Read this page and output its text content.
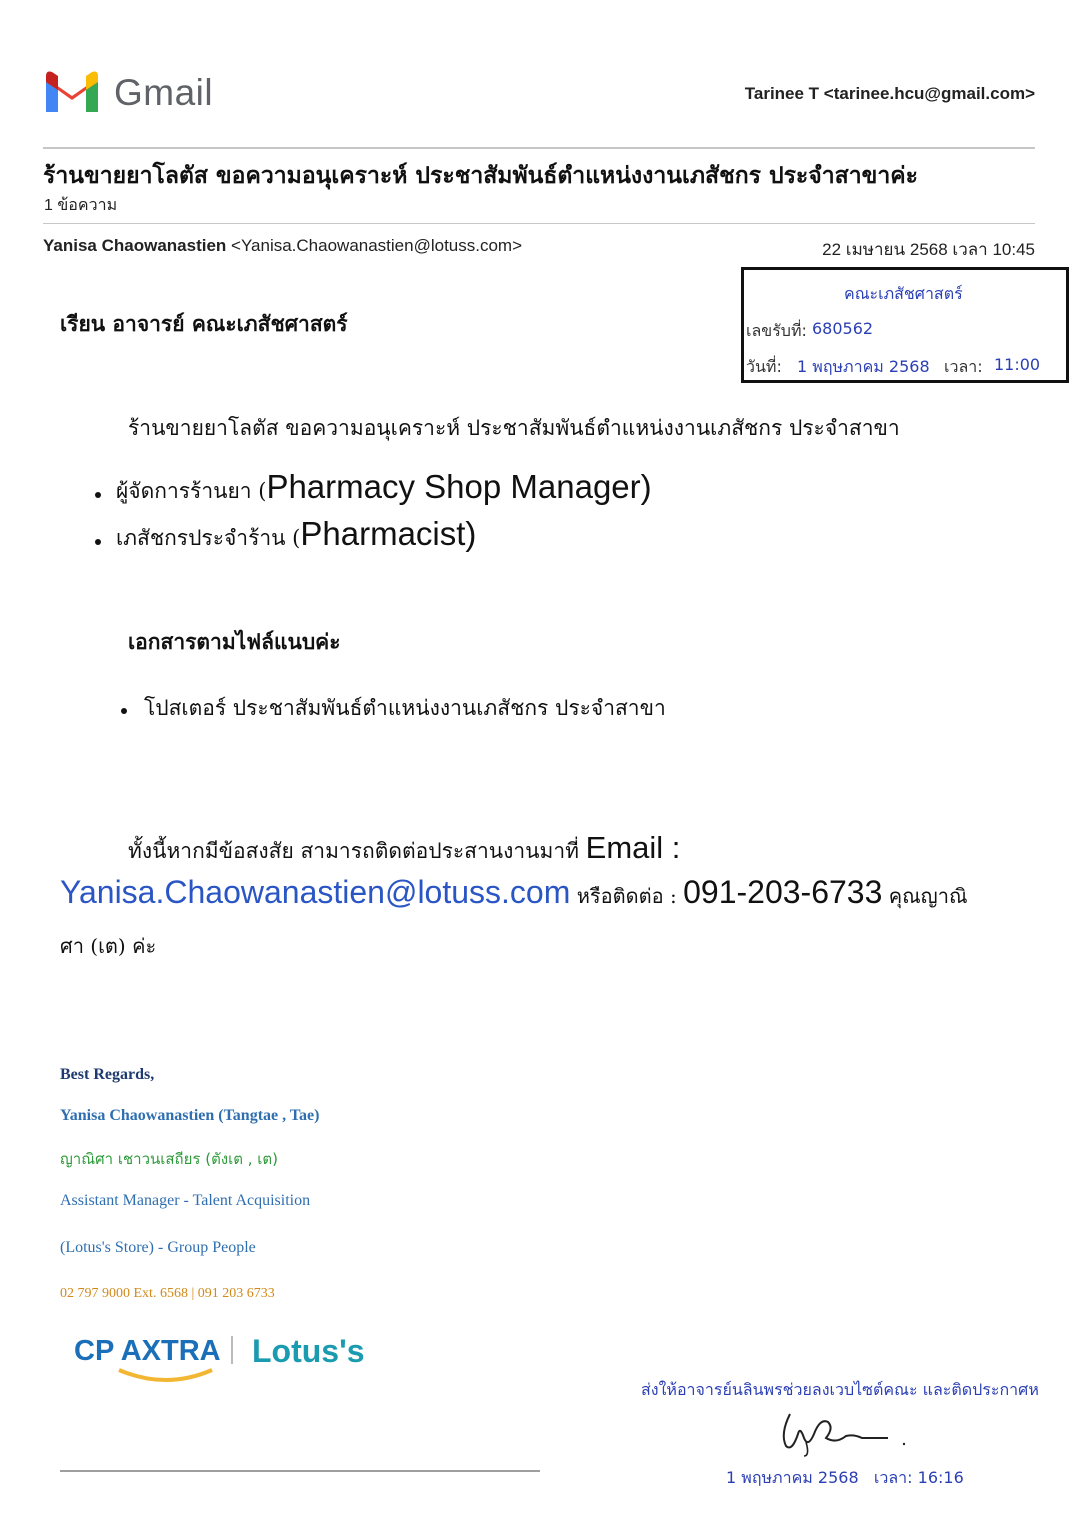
Gmail	Tarinee T <tarinee.hcu@gmail.com>
ร้านขายยาโลตัส ขอความอนุเคราะห์ ประชาสัมพันธ์ตำแหน่งงานเภสัชกร ประจำสาขาค่ะ
1 ข้อความ
Yanisa Chaowanastien <Yanisa.Chaowanastien@lotuss.com>	22 เมษายน 2568 เวลา 10:45
คณะเภสัชศาสตร์
เลขรับที่: 680562
วันที่: 1 พฤษภาคม 2568 เวลา: 11:00
เรียน อาจารย์ คณะเภสัชศาสตร์
ร้านขายยาโลตัส ขอความอนุเคราะห์ ประชาสัมพันธ์ตำแหน่งงานเภสัชกร ประจำสาขา
ผู้จัดการร้านยา (Pharmacy Shop Manager)
เภสัชกรประจำร้าน (Pharmacist)
เอกสารตามไฟล์แนบค่ะ
โปสเตอร์ ประชาสัมพันธ์ตำแหน่งงานเภสัชกร ประจำสาขา
ทั้งนี้หากมีข้อสงสัย สามารถติดต่อประสานงานมาที่ Email :
Yanisa.Chaowanastien@lotuss.com หรือติดต่อ : 091-203-6733 คุณญาณิ
ศา (เต) ค่ะ
Best Regards,
Yanisa Chaowanastien (Tangtae , Tae)
ญาณิศา เชาวนเสถียร (ตังเต , เต)
Assistant Manager - Talent Acquisition
(Lotus's Store) - Group People
02 797 9000 Ext. 6568 | 091 203 6733
CP AXTRA Lotus's
ส่งให้อาจารย์นลินพรช่วยลงเวบไซต์คณะ และติดประกาศห
1 พฤษภาคม 2568 เวลา: 16:16
